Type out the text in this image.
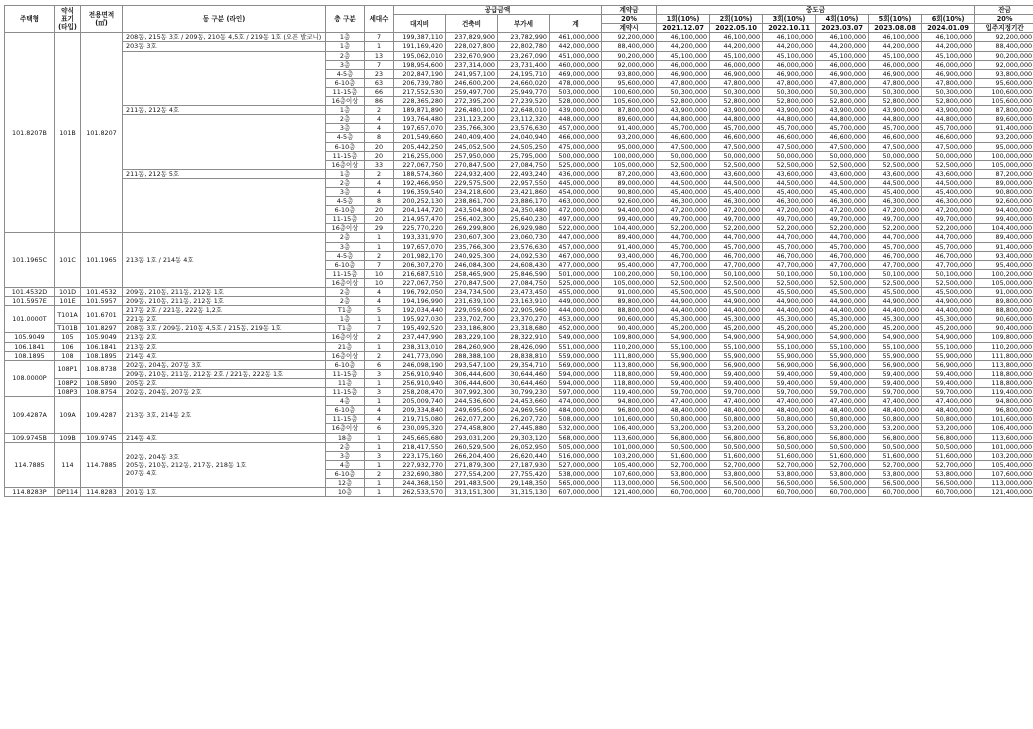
주택형	약식
표기
(타입)	전용면적
(㎡)	동 구분 (라인)	층 구분	세대수	공급금액				계약금	중도금						잔금
						대지비	건축비	부가세	계	20%	1회(10%)	2회(10%)	3회(10%)	4회(10%)	5회(10%)	6회(10%)	20%
										계약시	2021.12.07	2022.05.10	2022.10.11	2023.03.07	2023.08.08	2024.01.09	입주지정기간
101.8207B	101B	101.8207	208동, 215동 3호 / 209동, 210동 4,5호 / 219동 1호 (오픈 발코니)	1층	7	199,387,110	237,829,900	23,782,990	461,000,000	92,200,000	46,100,000	46,100,000	46,100,000	46,100,000	46,100,000	46,100,000	92,200,000
			203동 3호	1층	1	191,169,420	228,027,800	22,802,780	442,000,000	88,400,000	44,200,000	44,200,000	44,200,000	44,200,000	44,200,000	44,200,000	88,400,000
				2층	13	195,062,010	232,670,900	23,267,090	451,000,000	90,200,000	45,100,000	45,100,000	45,100,000	45,100,000	45,100,000	45,100,000	90,200,000
				3층	7	198,954,600	237,314,000	23,731,400	460,000,000	92,000,000	46,000,000	46,000,000	46,000,000	46,000,000	46,000,000	46,000,000	92,000,000
				4-5층	23	202,847,190	241,957,100	24,195,710	469,000,000	93,800,000	46,900,000	46,900,000	46,900,000	46,900,000	46,900,000	46,900,000	93,800,000
				6-10층	63	206,739,780	246,600,200	24,660,020	478,000,000	95,600,000	47,800,000	47,800,000	47,800,000	47,800,000	47,800,000	47,800,000	95,600,000
				11-15층	66	217,552,530	259,497,700	25,949,770	503,000,000	100,600,000	50,300,000	50,300,000	50,300,000	50,300,000	50,300,000	50,300,000	100,600,000
				16층이상	86	228,365,280	272,395,200	27,239,520	528,000,000	105,600,000	52,800,000	52,800,000	52,800,000	52,800,000	52,800,000	52,800,000	105,600,000
			211동, 212동 4호	1층	2	189,871,890	226,480,100	22,648,010	439,000,000	87,800,000	43,900,000	43,900,000	43,900,000	43,900,000	43,900,000	43,900,000	87,800,000
				2층	4	193,764,480	231,123,200	23,112,320	448,000,000	89,600,000	44,800,000	44,800,000	44,800,000	44,800,000	44,800,000	44,800,000	89,600,000
				3층	4	197,657,070	235,766,300	23,576,630	457,000,000	91,400,000	45,700,000	45,700,000	45,700,000	45,700,000	45,700,000	45,700,000	91,400,000
				4-5층	8	201,549,660	240,409,400	24,040,940	466,000,000	93,200,000	46,600,000	46,600,000	46,600,000	46,600,000	46,600,000	46,600,000	93,200,000
				6-10층	20	205,442,250	245,052,500	24,505,250	475,000,000	95,000,000	47,500,000	47,500,000	47,500,000	47,500,000	47,500,000	47,500,000	95,000,000
				11-15층	20	216,255,000	257,950,000	25,795,000	500,000,000	100,000,000	50,000,000	50,000,000	50,000,000	50,000,000	50,000,000	50,000,000	100,000,000
				16층이상	33	227,067,750	270,847,500	27,084,750	525,000,000	105,000,000	52,500,000	52,500,000	52,500,000	52,500,000	52,500,000	52,500,000	105,000,000
			211동, 212동 5호	1층	2	188,574,360	224,932,400	22,493,240	436,000,000	87,200,000	43,600,000	43,600,000	43,600,000	43,600,000	43,600,000	43,600,000	87,200,000
				2층	4	192,466,950	229,575,500	22,957,550	445,000,000	89,000,000	44,500,000	44,500,000	44,500,000	44,500,000	44,500,000	44,500,000	89,000,000
				3층	4	196,359,540	234,218,600	23,421,860	454,000,000	90,800,000	45,400,000	45,400,000	45,400,000	45,400,000	45,400,000	45,400,000	90,800,000
				4-5층	8	200,252,130	238,861,700	23,886,170	463,000,000	92,600,000	46,300,000	46,300,000	46,300,000	46,300,000	46,300,000	46,300,000	92,600,000
				6-10층	20	204,144,720	243,504,800	24,350,480	472,000,000	94,400,000	47,200,000	47,200,000	47,200,000	47,200,000	47,200,000	47,200,000	94,400,000
				11-15층	20	214,957,470	256,402,300	25,640,230	497,000,000	99,400,000	49,700,000	49,700,000	49,700,000	49,700,000	49,700,000	49,700,000	99,400,000
				16층이상	29	225,770,220	269,299,800	26,929,980	522,000,000	104,400,000	52,200,000	52,200,000	52,200,000	52,200,000	52,200,000	52,200,000	104,400,000
101.1965C	101C	101.1965	213동 1호 / 214동 4호	2층	1	193,331,970	230,607,300	23,060,730	447,000,000	89,400,000	44,700,000	44,700,000	44,700,000	44,700,000	44,700,000	44,700,000	89,400,000
				3층	1	197,657,070	235,766,300	23,576,630	457,000,000	91,400,000	45,700,000	45,700,000	45,700,000	45,700,000	45,700,000	45,700,000	91,400,000
				4-5층	2	201,982,170	240,925,300	24,092,530	467,000,000	93,400,000	46,700,000	46,700,000	46,700,000	46,700,000	46,700,000	46,700,000	93,400,000
				6-10층	7	206,307,270	246,084,300	24,608,430	477,000,000	95,400,000	47,700,000	47,700,000	47,700,000	47,700,000	47,700,000	47,700,000	95,400,000
				11-15층	10	216,687,510	258,465,900	25,846,590	501,000,000	100,200,000	50,100,000	50,100,000	50,100,000	50,100,000	50,100,000	50,100,000	100,200,000
				16층이상	10	227,067,750	270,847,500	27,084,750	525,000,000	105,000,000	52,500,000	52,500,000	52,500,000	52,500,000	52,500,000	52,500,000	105,000,000
101.4532D	101D	101.4532	209동, 210동, 211동, 212동 1호	2층	4	196,792,050	234,734,500	23,473,450	455,000,000	91,000,000	45,500,000	45,500,000	45,500,000	45,500,000	45,500,000	45,500,000	91,000,000
101.5957E	101E	101.5957	209동, 210동, 211동, 212동 1호	2층	4	194,196,990	231,639,100	23,163,910	449,000,000	89,800,000	44,900,000	44,900,000	44,900,000	44,900,000	44,900,000	44,900,000	89,800,000
101.0000T	T101A	101.6701	217동 2호 / 221동, 222동 1,2호	T1층	5	192,034,440	229,059,600	22,905,960	444,000,000	88,800,000	44,400,000	44,400,000	44,400,000	44,400,000	44,400,000	44,400,000	88,800,000
			221동 2호	1층	1	195,927,030	233,702,700	23,370,270	453,000,000	90,600,000	45,300,000	45,300,000	45,300,000	45,300,000	45,300,000	45,300,000	90,600,000
	T101B	101.8297	208동 3호 / 209동, 210동 4,5호 / 215동, 219동 1호	T1층	7	195,492,520	233,186,800	23,318,680	452,000,000	90,400,000	45,200,000	45,200,000	45,200,000	45,200,000	45,200,000	45,200,000	90,400,000
105.9049	105	105.9049	213동 2호	16층이상	2	237,447,990	283,229,100	28,322,910	549,000,000	109,800,000	54,900,000	54,900,000	54,900,000	54,900,000	54,900,000	54,900,000	109,800,000
106.1841	106	106.1841	213동 2호	21층	1	238,313,010	284,260,900	28,426,090	551,000,000	110,200,000	55,100,000	55,100,000	55,100,000	55,100,000	55,100,000	55,100,000	110,200,000
108.1895	108	108.1895	214동 4호	16층이상	2	241,773,090	288,388,100	28,838,810	559,000,000	111,800,000	55,900,000	55,900,000	55,900,000	55,900,000	55,900,000	55,900,000	111,800,000
108.0000P	108P1	108.8738	202동, 204동, 207동 3호	6-10층	6	246,098,190	293,547,100	29,354,710	569,000,000	113,800,000	56,900,000	56,900,000	56,900,000	56,900,000	56,900,000	56,900,000	113,800,000
			209동, 210동, 211동, 212동 2호 / 221동, 222동 1호	11-15층	3	256,910,940	306,444,600	30,644,460	594,000,000	118,800,000	59,400,000	59,400,000	59,400,000	59,400,000	59,400,000	59,400,000	118,800,000
	108P2	108.5890	205동 2호	11층	1	256,910,940	306,444,600	30,644,460	594,000,000	118,800,000	59,400,000	59,400,000	59,400,000	59,400,000	59,400,000	59,400,000	118,800,000
	108P3	108.8754	202동, 204동, 207동 2호	11-15층	3	258,208,470	307,992,300	30,799,230	597,000,000	119,400,000	59,700,000	59,700,000	59,700,000	59,700,000	59,700,000	59,700,000	119,400,000
109.4287A	109A	109.4287	213동 3호, 214동 2호	4층	1	205,009,740	244,536,600	24,453,660	474,000,000	94,800,000	47,400,000	47,400,000	47,400,000	47,400,000	47,400,000	47,400,000	94,800,000
				6-10층	4	209,334,840	249,695,600	24,969,560	484,000,000	96,800,000	48,400,000	48,400,000	48,400,000	48,400,000	48,400,000	48,400,000	96,800,000
				11-15층	4	219,715,080	262,077,200	26,207,720	508,000,000	101,600,000	50,800,000	50,800,000	50,800,000	50,800,000	50,800,000	50,800,000	101,600,000
				16층이상	6	230,095,320	274,458,800	27,445,880	532,000,000	106,400,000	53,200,000	53,200,000	53,200,000	53,200,000	53,200,000	53,200,000	106,400,000
109.9745B	109B	109.9745	214동 4호	18층	1	245,665,680	293,031,200	29,303,120	568,000,000	113,600,000	56,800,000	56,800,000	56,800,000	56,800,000	56,800,000	56,800,000	113,600,000
114.7885	114	114.7885	202동, 204동 3호
205동, 210동, 212동, 217동, 218동 1호
207동 4호	2층	1	218,417,550	260,529,500	26,052,950	505,000,000	101,000,000	50,500,000	50,500,000	50,500,000	50,500,000	50,500,000	50,500,000	101,000,000
				3층	3	223,175,160	266,204,400	26,620,440	516,000,000	103,200,000	51,600,000	51,600,000	51,600,000	51,600,000	51,600,000	51,600,000	103,200,000
				4층	1	227,932,770	271,879,300	27,187,930	527,000,000	105,400,000	52,700,000	52,700,000	52,700,000	52,700,000	52,700,000	52,700,000	105,400,000
				6-10층	2	232,690,380	277,554,200	27,755,420	538,000,000	107,600,000	53,800,000	53,800,000	53,800,000	53,800,000	53,800,000	53,800,000	107,600,000
				12층	1	244,368,150	291,483,500	29,148,350	565,000,000	113,000,000	56,500,000	56,500,000	56,500,000	56,500,000	56,500,000	56,500,000	113,000,000
114.8283P	DP114	114.8283	201동 1호	10층	1	262,533,570	313,151,300	31,315,130	607,000,000	121,400,000	60,700,000	60,700,000	60,700,000	60,700,000	60,700,000	60,700,000	121,400,000
